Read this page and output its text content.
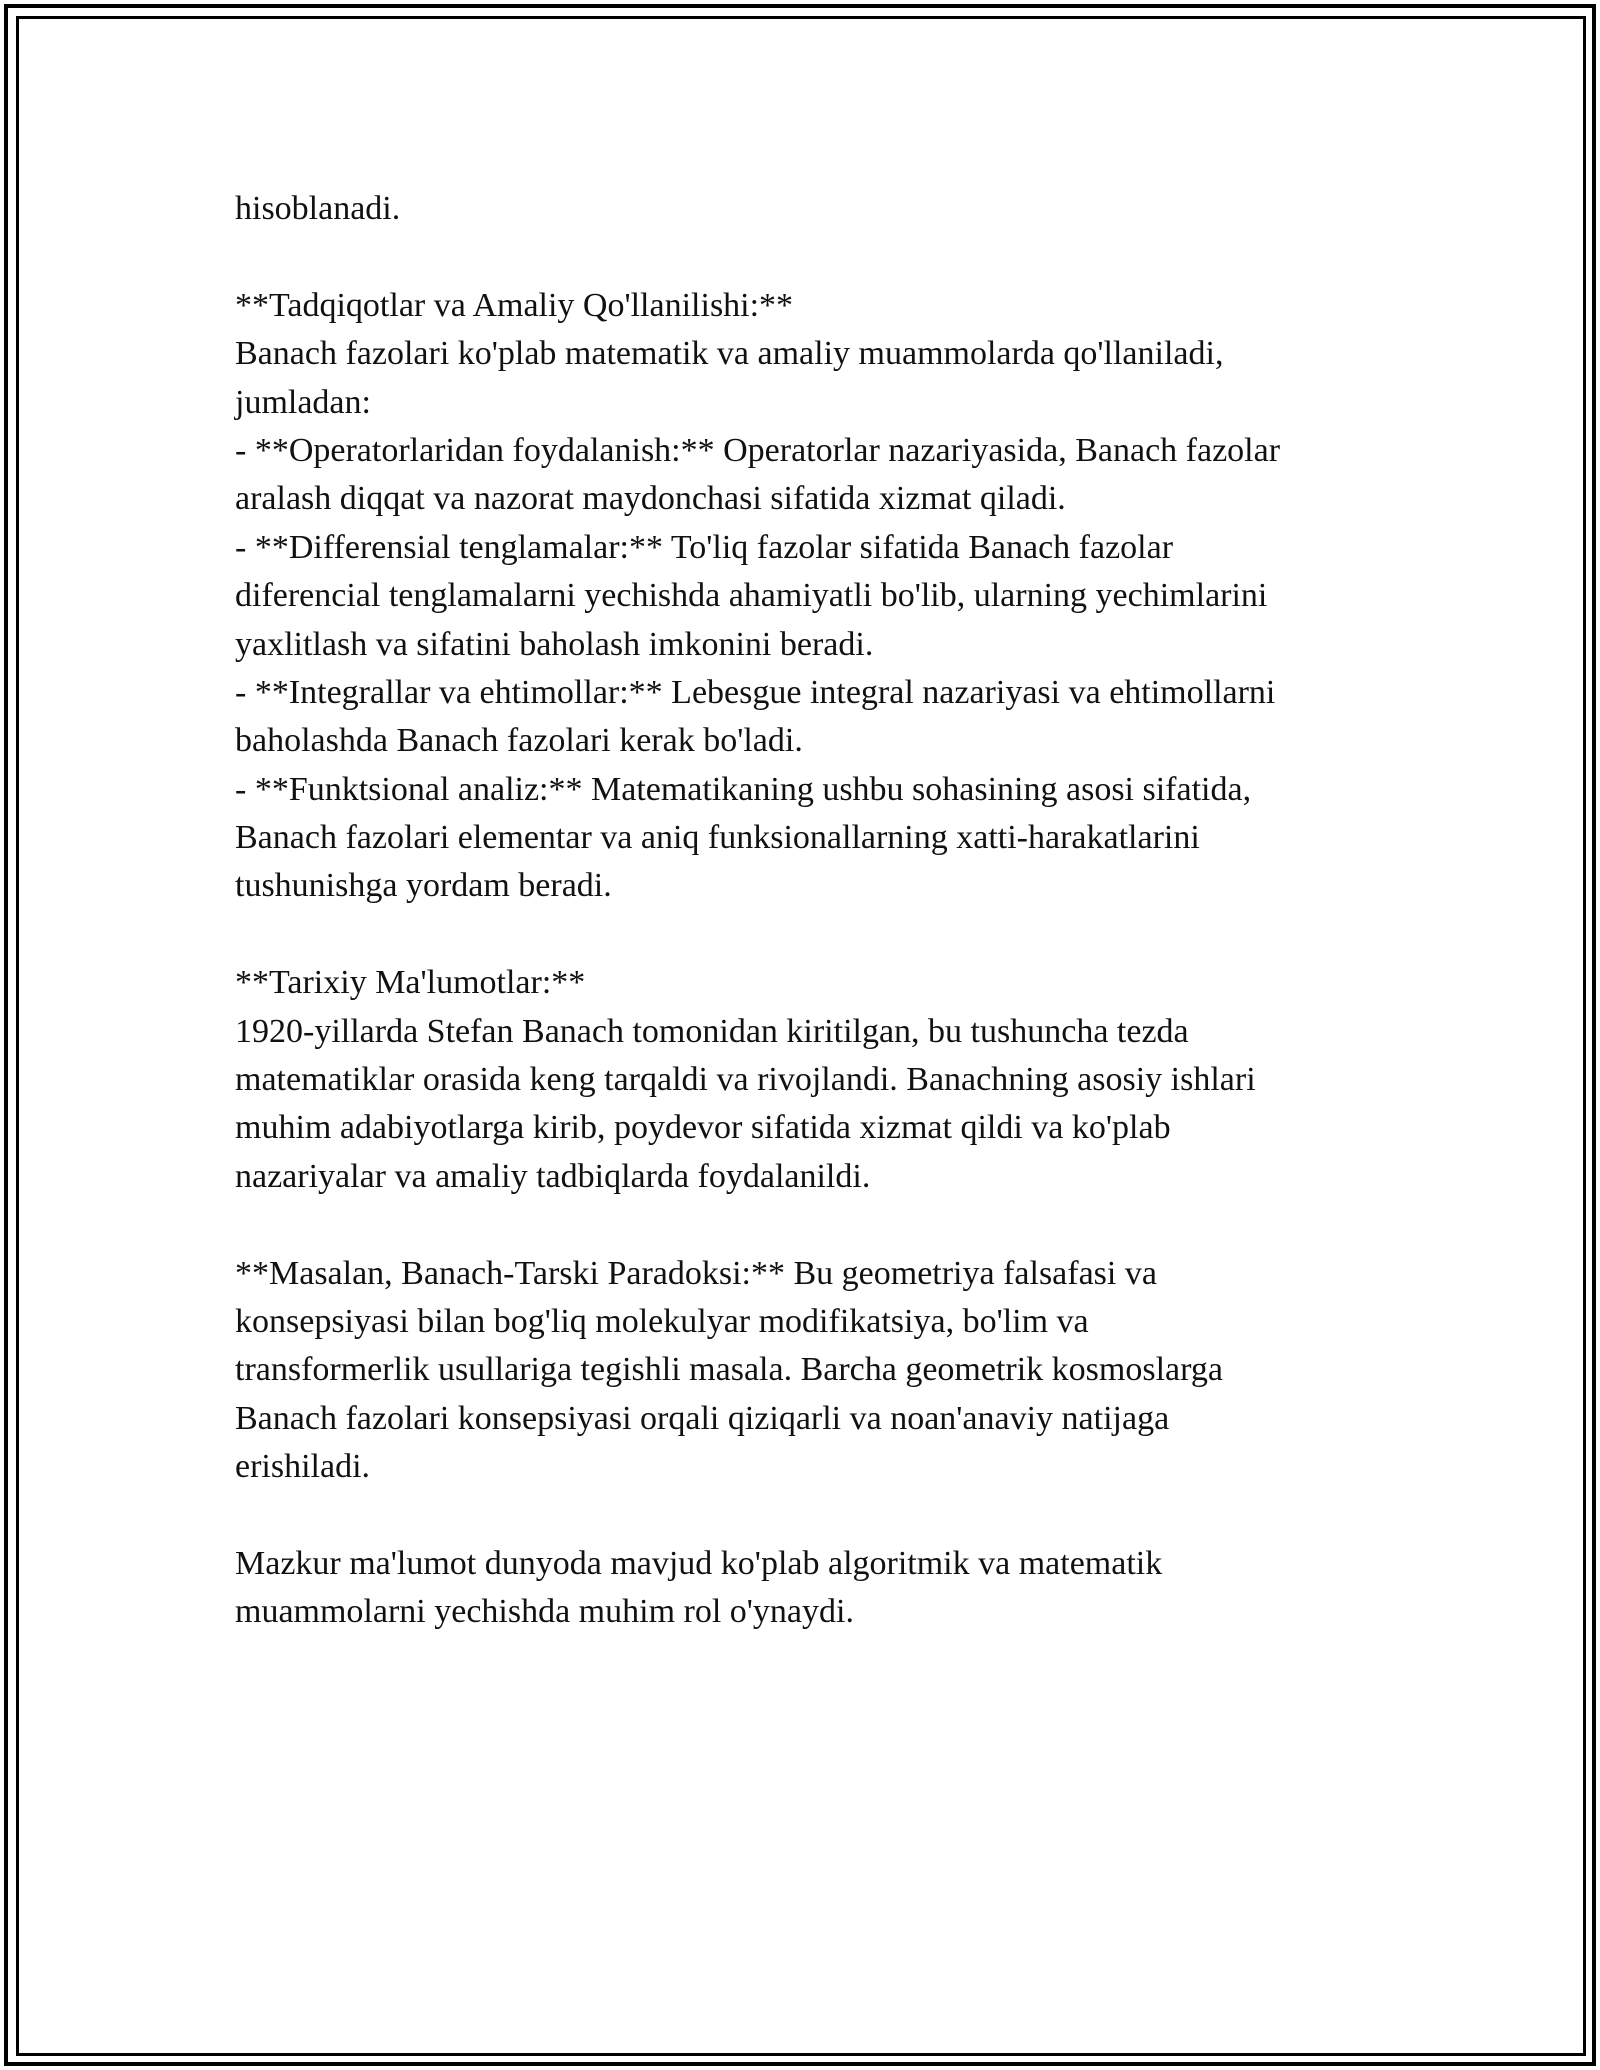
hisoblanadi.
**Tadqiqotlar va Amaliy Qo'llanilishi:**
Banach fazolari ko'plab matematik va amaliy muammolarda qo'llaniladi,
jumladan:
- **Operatorlaridan foydalanish:** Operatorlar nazariyasida, Banach fazolar
aralash diqqat va nazorat maydonchasi sifatida xizmat qiladi.
- **Differensial tenglamalar:** To'liq fazolar sifatida Banach fazolar
diferencial tenglamalarni yechishda ahamiyatli bo'lib, ularning yechimlarini
yaxlitlash va sifatini baholash imkonini beradi.
- **Integrallar va ehtimollar:** Lebesgue integral nazariyasi va ehtimollarni
baholashda Banach fazolari kerak bo'ladi.
- **Funktsional analiz:** Matematikaning ushbu sohasining asosi sifatida,
Banach fazolari elementar va aniq funksionallarning xatti-harakatlarini
tushunishga yordam beradi.
**Tarixiy Ma'lumotlar:**
1920-yillarda Stefan Banach tomonidan kiritilgan, bu tushuncha tezda
matematiklar orasida keng tarqaldi va rivojlandi. Banachning asosiy ishlari
muhim adabiyotlarga kirib, poydevor sifatida xizmat qildi va ko'plab
nazariyalar va amaliy tadbiqlarda foydalanildi.
**Masalan, Banach-Tarski Paradoksi:** Bu geometriya falsafasi va
konsepsiyasi bilan bog'liq molekulyar modifikatsiya, bo'lim va
transformerlik usullariga tegishli masala. Barcha geometrik kosmoslarga
Banach fazolari konsepsiyasi orqali qiziqarli va noan'anaviy natijaga
erishiladi.
Mazkur ma'lumot dunyoda mavjud ko'plab algoritmik va matematik
muammolarni yechishda muhim rol o'ynaydi.
